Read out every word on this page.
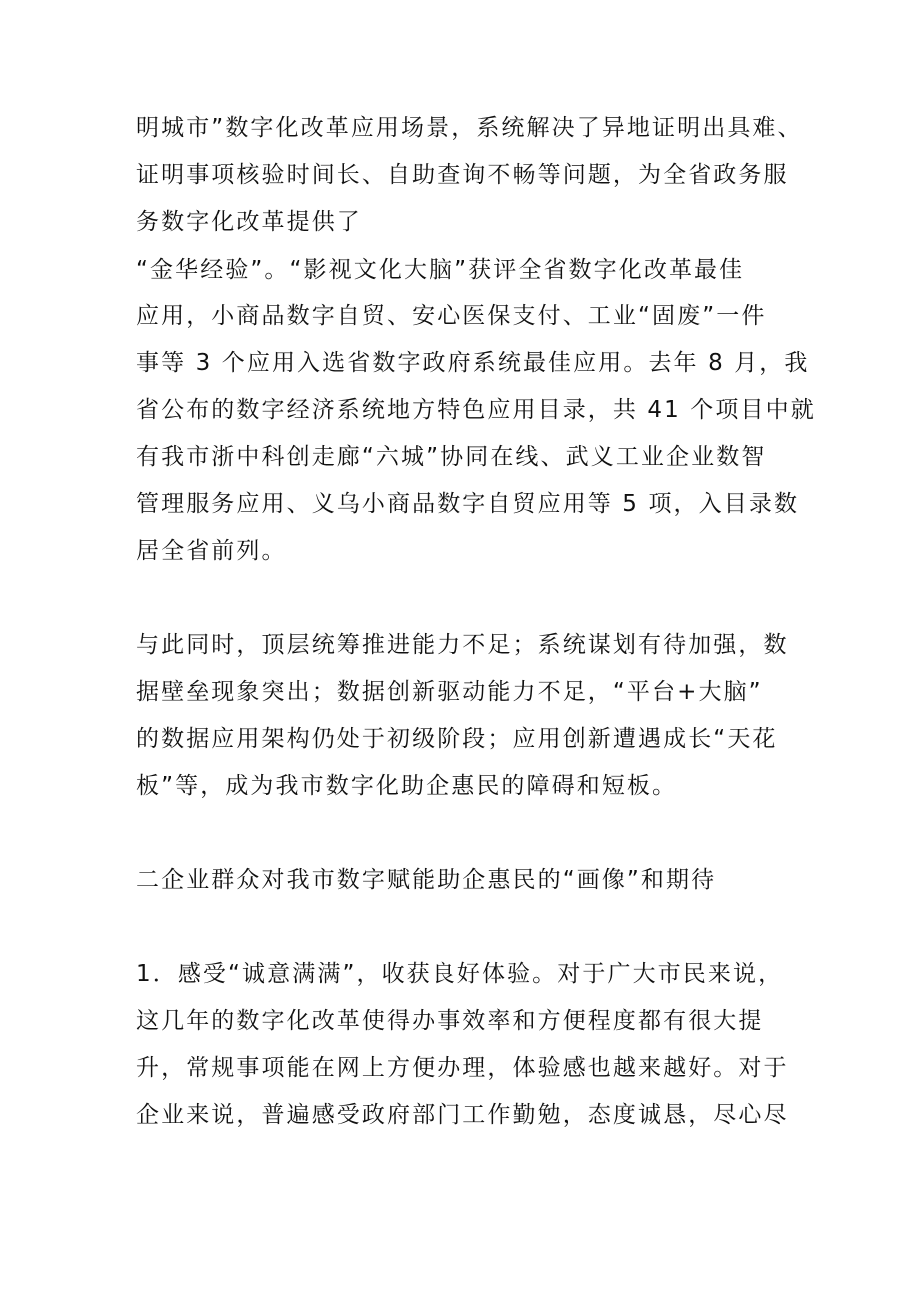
明城市”数字化改革应用场景，系统解决了异地证明出具难、
证明事项核验时间长、自助查询不畅等问题，为全省政务服
务数字化改革提供了
“金华经验”。“影视文化大脑”获评全省数字化改革最佳
应用，小商品数字自贸、安心医保支付、工业“固废”一件
事等 3 个应用入选省数字政府系统最佳应用。去年 8 月，我
省公布的数字经济系统地方特色应用目录，共 41 个项目中就
有我市浙中科创走廊“六城”协同在线、武义工业企业数智
管理服务应用、义乌小商品数字自贸应用等 5 项，入目录数
居全省前列。
与此同时，顶层统筹推进能力不足；系统谋划有待加强，数
据壁垒现象突出；数据创新驱动能力不足，“平台+大脑”
的数据应用架构仍处于初级阶段；应用创新遭遇成长“天花
板”等，成为我市数字化助企惠民的障碍和短板。
二企业群众对我市数字赋能助企惠民的“画像”和期待
1．感受“诚意满满”，收获良好体验。对于广大市民来说，
这几年的数字化改革使得办事效率和方便程度都有很大提
升，常规事项能在网上方便办理，体验感也越来越好。对于
企业来说，普遍感受政府部门工作勤勉，态度诚恳，尽心尽
